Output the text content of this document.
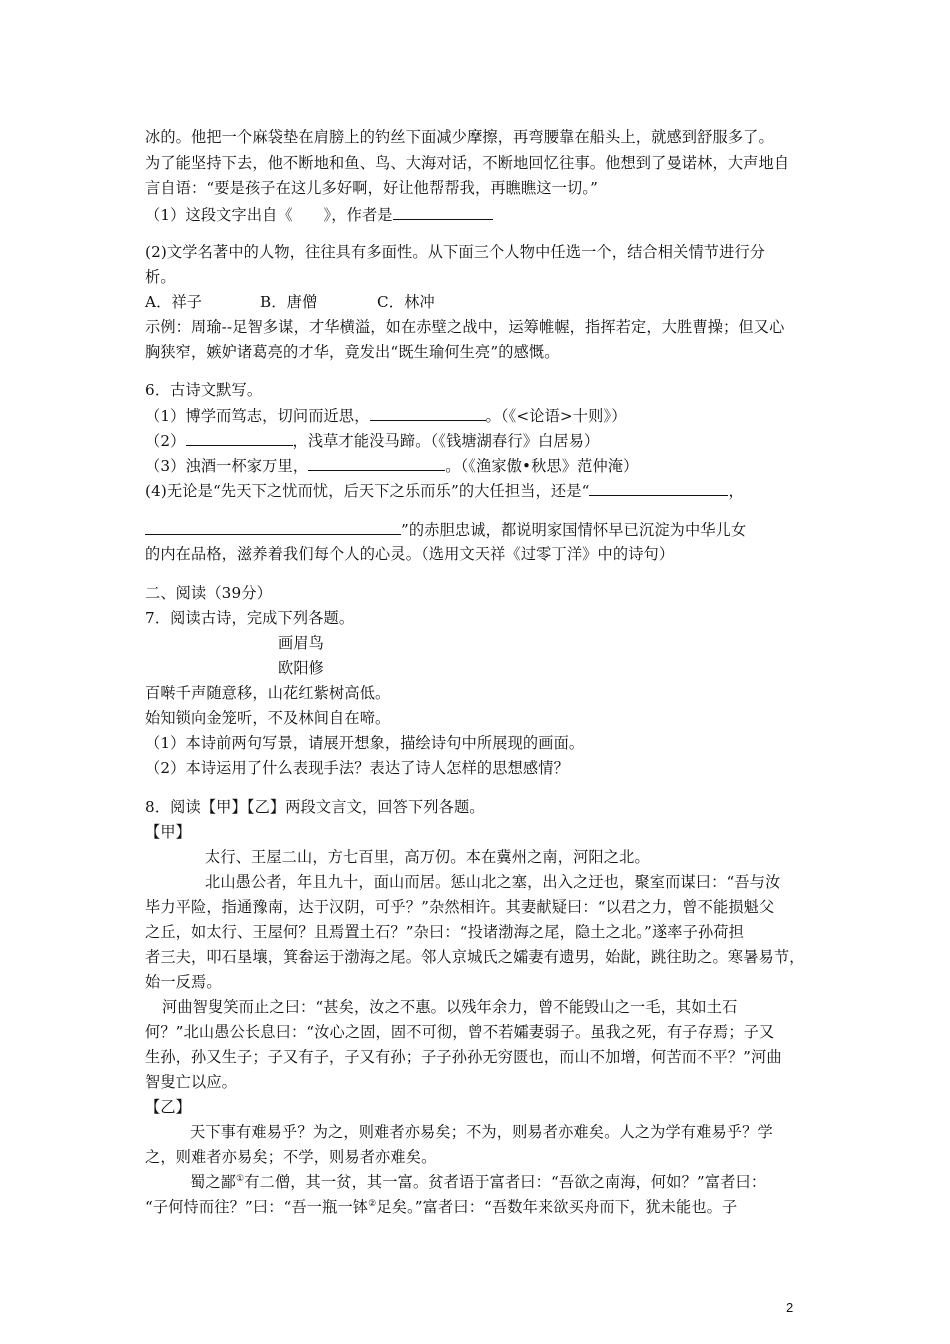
冰的。他把一个麻袋垫在肩膀上的钓丝下面减少摩擦，再弯腰靠在船头上，就感到舒服多了。
为了能坚持下去，他不断地和鱼、鸟、大海对话，不断地回忆往事。他想到了曼诺林，大声地自
言自语：“要是孩子在这儿多好啊，好让他帮帮我，再瞧瞧这一切。”
（1）这段文字出自《　　》，作者是
(2)文学名著中的人物，往往具有多面性。从下面三个人物中任选一个，结合相关情节进行分
析。
A．祥子	B．唐僧	C．林冲
示例：周瑜--足智多谋，才华横溢，如在赤壁之战中，运筹帷幄，指挥若定，大胜曹操；但又心
胸狭窄，嫉妒诸葛亮的才华，竟发出“既生瑜何生亮”的感慨。
6．古诗文默写。
（1）博学而笃志，切问而近思，	。（《<论语>十则》）
（2）	，浅草才能没马蹄。（《钱塘湖春行》白居易）
（3）浊酒一杯家万里，	。（《渔家傲•秋思》范仲淹）
(4)无论是“先天下之忧而忧，后天下之乐而乐”的大任担当，还是“	，
”的赤胆忠诚，都说明家国情怀早已沉淀为中华儿女
的内在品格，滋养着我们每个人的心灵。（选用文天祥《过零丁洋》中的诗句）
二、阅读（39分）
7．阅读古诗，完成下列各题。
画眉鸟
欧阳修
百啭千声随意移，山花红紫树高低。
始知锁向金笼听，不及林间自在啼。
（1）本诗前两句写景，请展开想象，描绘诗句中所展现的画面。
（2）本诗运用了什么表现手法？表达了诗人怎样的思想感情？
8．阅读【甲】【乙】两段文言文，回答下列各题。
【甲】
太行、王屋二山，方七百里，高万仞。本在冀州之南，河阳之北。
北山愚公者，年且九十，面山而居。惩山北之塞，出入之迂也，聚室而谋曰：“吾与汝
毕力平险，指通豫南，达于汉阴，可乎？”杂然相许。其妻献疑曰：“以君之力，曾不能损魁父
之丘，如太行、王屋何？且焉置土石？”杂曰：“投诸渤海之尾，隐土之北。”遂率子孙荷担
者三夫，叩石垦壤，箕畚运于渤海之尾。邻人京城氏之孀妻有遗男，始龀，跳往助之。寒暑易节，
始一反焉。
河曲智叟笑而止之曰：“甚矣，汝之不惠。以残年余力，曾不能毁山之一毛，其如土石
何？”北山愚公长息曰：“汝心之固，固不可彻，曾不若孀妻弱子。虽我之死，有子存焉；子又
生孙，孙又生子；子又有子，子又有孙；子子孙孙无穷匮也，而山不加增，何苦而不平？”河曲
智叟亡以应。
【乙】
天下事有难易乎？为之，则难者亦易矣；不为，则易者亦难矣。人之为学有难易乎？学
之，则难者亦易矣；不学，则易者亦难矣。
蜀之鄙①有二僧，其一贫，其一富。贫者语于富者曰：“吾欲之南海，何如？”富者曰：
“子何恃而往？”曰：“吾一瓶一钵②足矣。”富者曰：“吾数年来欲买舟而下，犹未能也。子
2
